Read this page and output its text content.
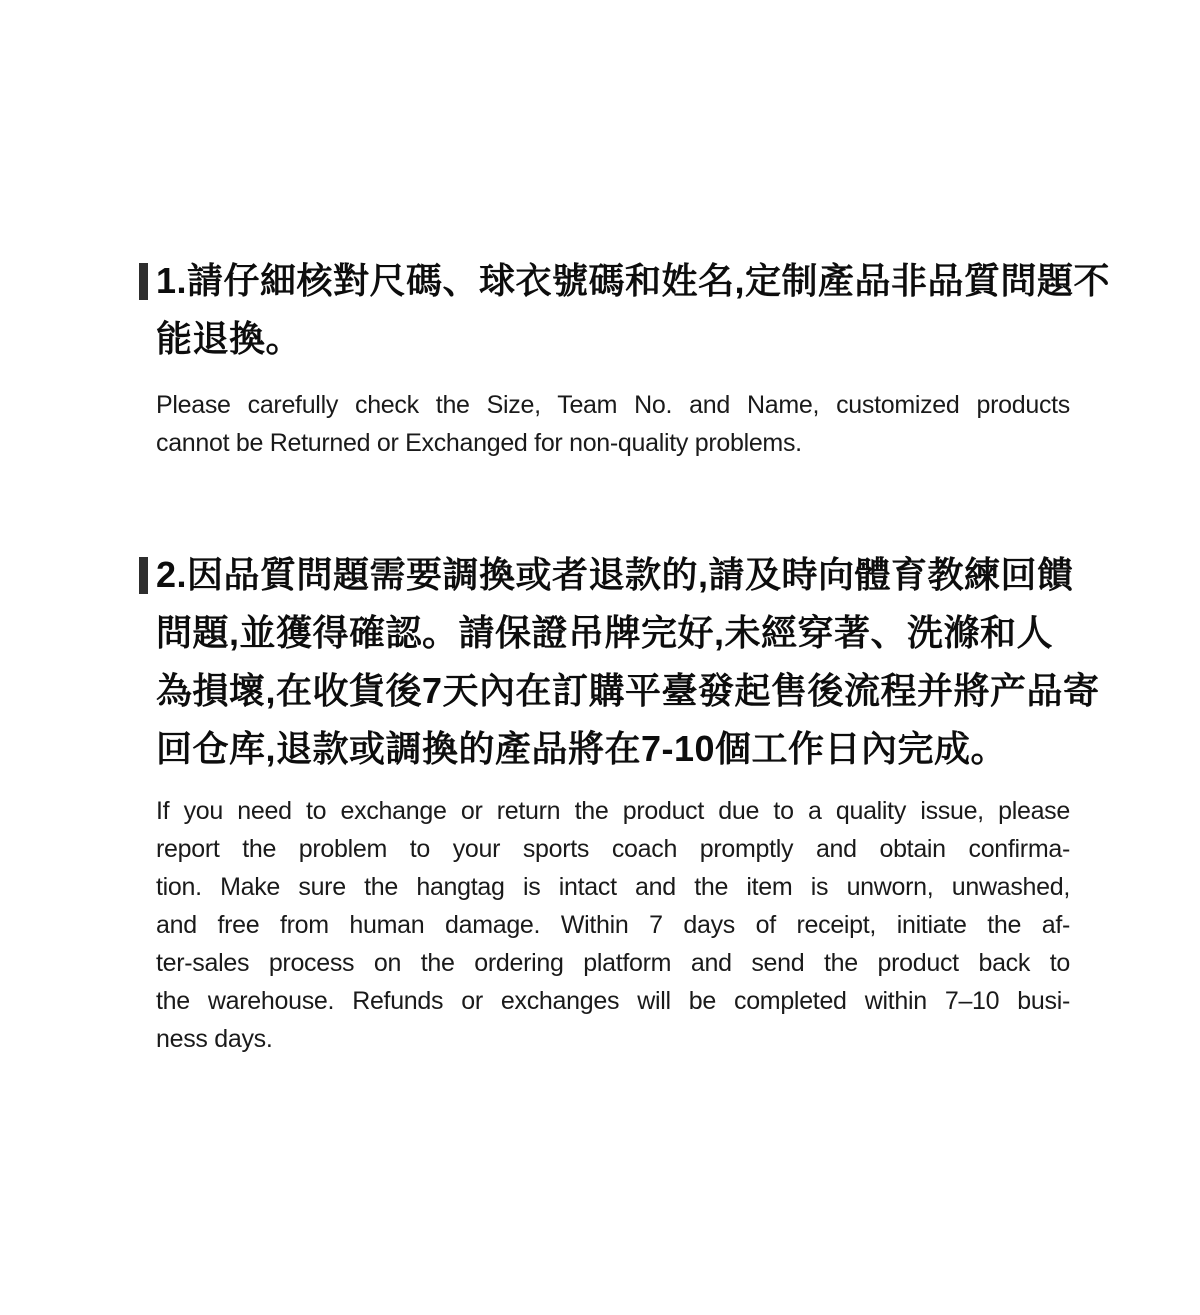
1.請仔細核對尺碼、球衣號碼和姓名,定制產品非品質問題不
能退換。
Please carefully check the Size, Team No. and Name, customized products
cannot be Returned or Exchanged for non-quality problems.
2.因品質問題需要調換或者退款的,請及時向體育教練回饋
問題,並獲得確認。請保證吊牌完好,未經穿著、洗滌和人
為損壞,在收貨後7天內在訂購平臺發起售後流程并將产品寄
回仓库,退款或調換的產品將在7-10個工作日內完成。
If you need to exchange or return the product due to a quality issue, please
report the problem to your sports coach promptly and obtain confirma-
tion. Make sure the hangtag is intact and the item is unworn, unwashed,
and free from human damage. Within 7 days of receipt, initiate the af-
ter-sales process on the ordering platform and send the product back to
the warehouse. Refunds or exchanges will be completed within 7–10 busi-
ness days.
